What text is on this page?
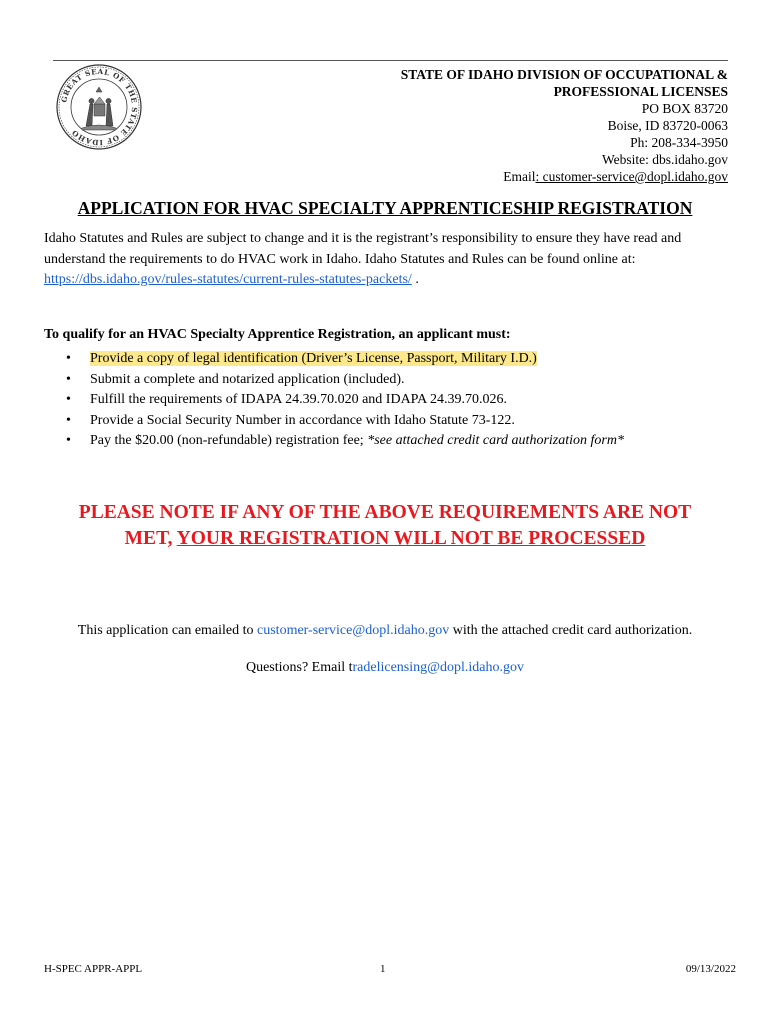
GREAT SEAL OF THE STATE OF IDAHO
STATE OF IDAHO DIVISION OF OCCUPATIONAL &
PROFESSIONAL LICENSES
PO BOX 83720
Boise, ID 83720-0063
Ph: 208-334-3950
Website: dbs.idaho.gov
Email: customer-service@dopl.idaho.gov
APPLICATION FOR HVAC SPECIALTY APPRENTICESHIP REGISTRATION
Idaho Statutes and Rules are subject to change and it is the registrant’s responsibility to ensure they have read and understand the requirements to do HVAC work in Idaho. Idaho Statutes and Rules can be found online at: https://dbs.idaho.gov/rules-statutes/current-rules-statutes-packets/ .
To qualify for an HVAC Specialty Apprentice Registration, an applicant must:
• Provide a copy of legal identification (Driver’s License, Passport, Military I.D.)
• Submit a complete and notarized application (included).
• Fulfill the requirements of IDAPA 24.39.70.020 and IDAPA 24.39.70.026.
• Provide a Social Security Number in accordance with Idaho Statute 73-122.
• Pay the $20.00 (non-refundable) registration fee; *see attached credit card authorization form*
PLEASE NOTE IF ANY OF THE ABOVE REQUIREMENTS ARE NOT
MET, YOUR REGISTRATION WILL NOT BE PROCESSED
This application can emailed to customer-service@dopl.idaho.gov with the attached credit card authorization.
Questions? Email tradelicensing@dopl.idaho.gov
H-SPEC APPR-APPL	1	09/13/2022
